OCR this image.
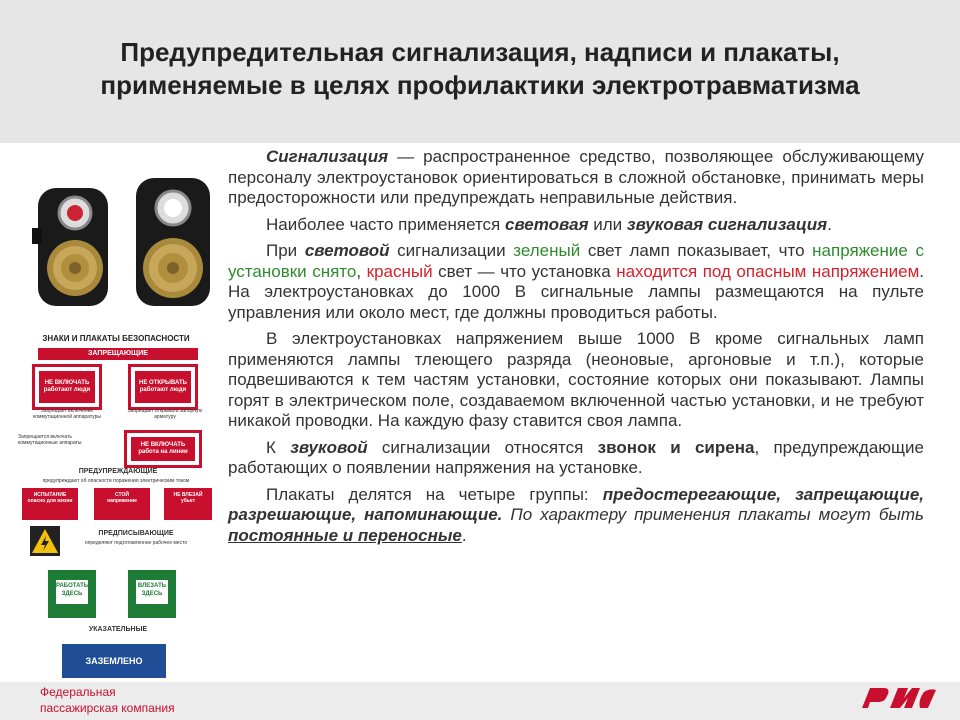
Предупредительная сигнализация, надписи и плакаты, применяемые в целях профилактики электротравматизма
ЗНАКИ И ПЛАКАТЫ БЕЗОПАСНОСТИ
ЗАПРЕЩАЮЩИЕ
НЕ ВКЛЮЧАТЬ
работают люди
НЕ ОТКРЫВАТЬ
работают люди
Запрещает включение коммутационной аппаратуры
Запрещает открывать запорную арматуру
Запрещается включать коммутационные аппараты	НЕ ВКЛЮЧАТЬ
работа на линии
ПРЕДУПРЕЖДАЮЩИЕ
предупреждают об опасности поражения электрическим током
ИСПЫТАНИЕ
опасно для жизни
СТОЙ
напряжение
НЕ ВЛЕЗАЙ
убьет
ПРЕДПИСЫВАЮЩИЕ
определяют подготовленное рабочее место
РАБОТАТЬ
ЗДЕСЬ
ВЛЕЗАТЬ
ЗДЕСЬ
УКАЗАТЕЛЬНЫЕ
ЗАЗЕМЛЕНО

Сигнализация — распространенное средство, позволяющее обслуживающему персоналу электроустановок ориентироваться в сложной обстановке, принимать меры предосторожности или предупреждать неправильные действия.

Наиболее часто применяется световая или звуковая сигнализация.

При световой сигнализации зеленый свет ламп показывает, что напряжение с установки снято, красный свет — что установка находится под опасным напряжением. На электроустановках до 1000 В сигнальные лампы размещаются на пульте управления или около мест, где должны проводиться работы.

В электроустановках напряжением выше 1000 В кроме сигнальных ламп применяются лампы тлеющего разряда (неоновые, аргоновые и т.п.), которые подвешиваются к тем частям установки, состояние которых они показывают. Лампы горят в электрическом поле, создаваемом включенной частью установки, и не требуют никакой проводки. На каждую фазу ставится своя лампа.

К звуковой сигнализации относятся звонок и сирена, предупреждающие работающих о появлении напряжения на установке.

Плакаты делятся на четыре группы: предостерегающие, запрещающие, разрешающие, напоминающие. По характеру применения плакаты могут быть постоянные и переносные.

Федеральная
пассажирская компания
